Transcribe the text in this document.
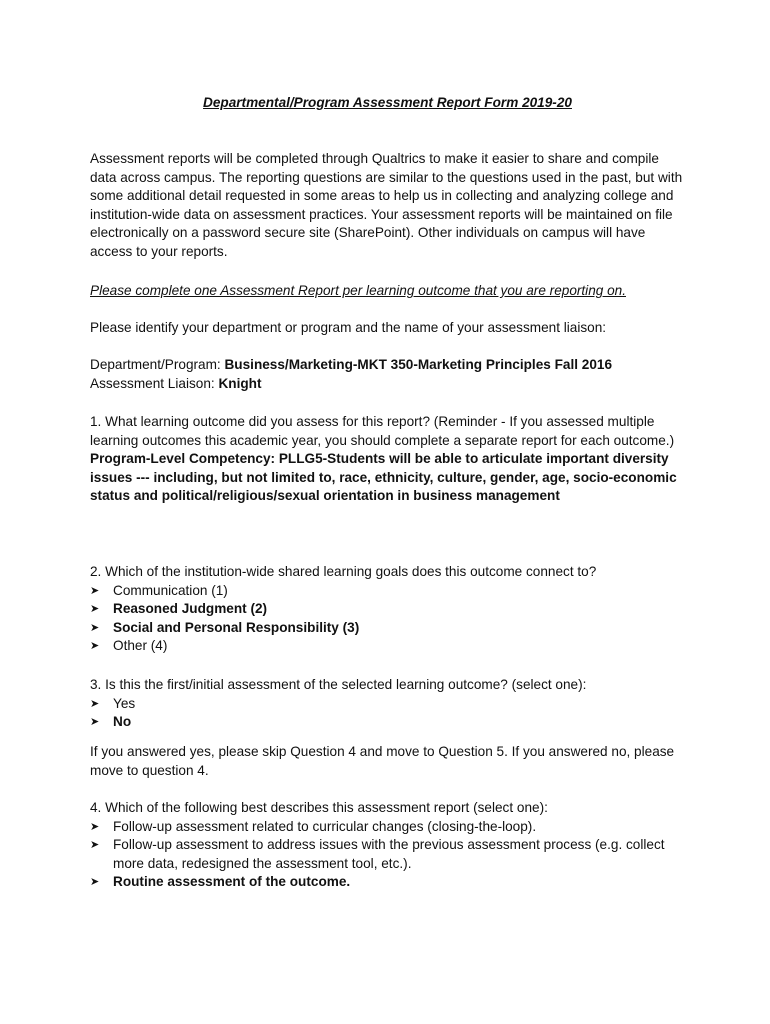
Departmental/Program Assessment Report Form 2019-20
Assessment reports will be completed through Qualtrics to make it easier to share and compile data across campus. The reporting questions are similar to the questions used in the past, but with some additional detail requested in some areas to help us in collecting and analyzing college and institution-wide data on assessment practices. Your assessment reports will be maintained on file electronically on a password secure site (SharePoint). Other individuals on campus will have access to your reports.
Please complete one Assessment Report per learning outcome that you are reporting on.
Please identify your department or program and the name of your assessment liaison:
Department/Program: Business/Marketing-MKT 350-Marketing Principles Fall 2016
Assessment Liaison: Knight
1. What learning outcome did you assess for this report? (Reminder - If you assessed multiple learning outcomes this academic year, you should complete a separate report for each outcome.) Program-Level Competency: PLLG5-Students will be able to articulate important diversity issues --- including, but not limited to, race, ethnicity, culture, gender, age, socio-economic status and political/religious/sexual orientation in business management
2. Which of the institution-wide shared learning goals does this outcome connect to?
➤	Communication (1)
➤	Reasoned Judgment (2)
➤	Social and Personal Responsibility (3)
➤	Other (4)
3. Is this the first/initial assessment of the selected learning outcome? (select one):
➤	Yes
➤	No
If you answered yes, please skip Question 4 and move to Question 5. If you answered no, please move to question 4.
4. Which of the following best describes this assessment report (select one):
➤	Follow-up assessment related to curricular changes (closing-the-loop).
➤	Follow-up assessment to address issues with the previous assessment process (e.g. collect more data, redesigned the assessment tool, etc.).
➤	Routine assessment of the outcome.
